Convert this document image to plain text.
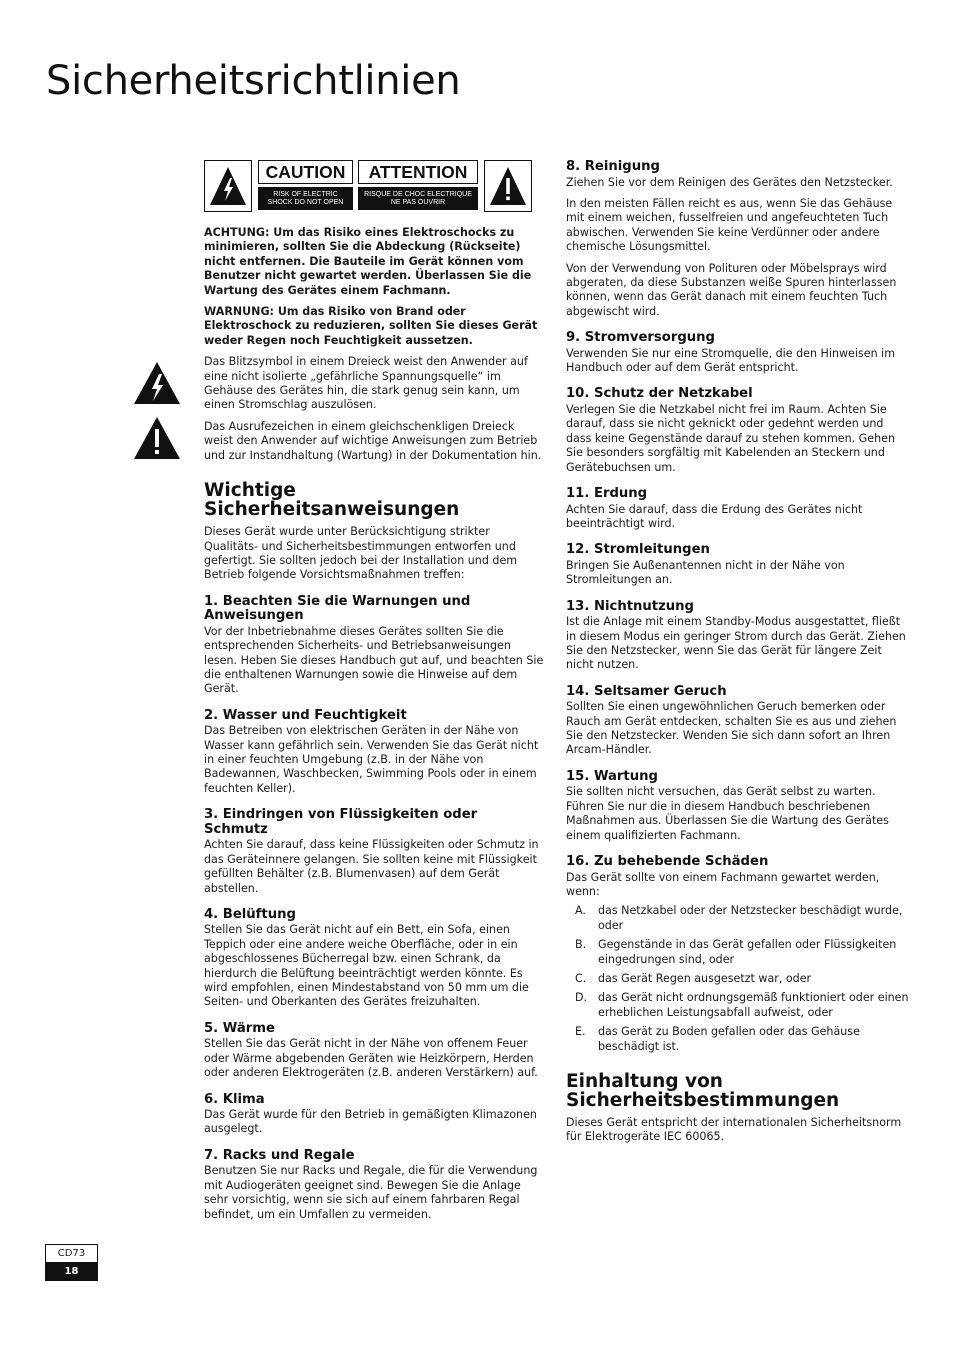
Sicherheitsrichtlinien
CAUTION
RISK OF ELECTRIC SHOCK DO NOT OPEN
ATTENTION
RISQUE DE CHOC ELECTRIQUE NE PAS OUVRIR

ACHTUNG: Um das Risiko eines Elektroschocks zu minimieren, sollten Sie die Abdeckung (Rückseite) nicht entfernen. Die Bauteile im Gerät können vom Benutzer nicht gewartet werden. Überlassen Sie die Wartung des Gerätes einem Fachmann.

WARNUNG: Um das Risiko von Brand oder Elektroschock zu reduzieren, sollten Sie dieses Gerät weder Regen noch Feuchtigkeit aussetzen.

Das Blitzsymbol in einem Dreieck weist den Anwender auf eine nicht isolierte „gefährliche Spannungsquelle“ im Gehäuse des Gerätes hin, die stark genug sein kann, um einen Stromschlag auszulösen.

Das Ausrufezeichen in einem gleichschenkligen Dreieck weist den Anwender auf wichtige Anweisungen zum Betrieb und zur Instandhaltung (Wartung) in der Dokumentation hin.

Wichtige Sicherheitsanweisungen

Dieses Gerät wurde unter Berücksichtigung strikter Qualitäts- und Sicherheitsbestimmungen entworfen und gefertigt. Sie sollten jedoch bei der Installation und dem Betrieb folgende Vorsichtsmaßnahmen treffen:

1. Beachten Sie die Warnungen und Anweisungen

Vor der Inbetriebnahme dieses Gerätes sollten Sie die entsprechenden Sicherheits- und Betriebsanweisungen lesen. Heben Sie dieses Handbuch gut auf, und beachten Sie die enthaltenen Warnungen sowie die Hinweise auf dem Gerät.

2. Wasser und Feuchtigkeit

Das Betreiben von elektrischen Geräten in der Nähe von Wasser kann gefährlich sein. Verwenden Sie das Gerät nicht in einer feuchten Umgebung (z.B. in der Nähe von Badewannen, Waschbecken, Swimming Pools oder in einem feuchten Keller).

3. Eindringen von Flüssigkeiten oder Schmutz

Achten Sie darauf, dass keine Flüssigkeiten oder Schmutz in das Geräteinnere gelangen. Sie sollten keine mit Flüssigkeit gefüllten Behälter (z.B. Blumenvasen) auf dem Gerät abstellen.

4. Belüftung

Stellen Sie das Gerät nicht auf ein Bett, ein Sofa, einen Teppich oder eine andere weiche Oberfläche, oder in ein abgeschlossenes Bücherregal bzw. einen Schrank, da hierdurch die Belüftung beeinträchtigt werden könnte. Es wird empfohlen, einen Mindestabstand von 50 mm um die Seiten- und Oberkanten des Gerätes freizuhalten.

5. Wärme

Stellen Sie das Gerät nicht in der Nähe von offenem Feuer oder Wärme abgebenden Geräten wie Heizkörpern, Herden oder anderen Elektrogeräten (z.B. anderen Verstärkern) auf.

6. Klima

Das Gerät wurde für den Betrieb in gemäßigten Klimazonen ausgelegt.

7. Racks und Regale

Benutzen Sie nur Racks und Regale, die für die Verwendung mit Audiogeräten geeignet sind. Bewegen Sie die Anlage sehr vorsichtig, wenn sie sich auf einem fahrbaren Regal befindet, um ein Umfallen zu vermeiden.

8. Reinigung

Ziehen Sie vor dem Reinigen des Gerätes den Netzstecker.

In den meisten Fällen reicht es aus, wenn Sie das Gehäuse mit einem weichen, fusselfreien und angefeuchteten Tuch abwischen. Verwenden Sie keine Verdünner oder andere chemische Lösungsmittel.

Von der Verwendung von Polituren oder Möbelsprays wird abgeraten, da diese Substanzen weiße Spuren hinterlassen können, wenn das Gerät danach mit einem feuchten Tuch abgewischt wird.

9. Stromversorgung

Verwenden Sie nur eine Stromquelle, die den Hinweisen im Handbuch oder auf dem Gerät entspricht.

10. Schutz der Netzkabel

Verlegen Sie die Netzkabel nicht frei im Raum. Achten Sie darauf, dass sie nicht geknickt oder gedehnt werden und dass keine Gegenstände darauf zu stehen kommen. Gehen Sie besonders sorgfältig mit Kabelenden an Steckern und Gerätebuchsen um.

11. Erdung

Achten Sie darauf, dass die Erdung des Gerätes nicht beeinträchtigt wird.

12. Stromleitungen

Bringen Sie Außenantennen nicht in der Nähe von Stromleitungen an.

13. Nichtnutzung

Ist die Anlage mit einem Standby-Modus ausgestattet, fließt in diesem Modus ein geringer Strom durch das Gerät. Ziehen Sie den Netzstecker, wenn Sie das Gerät für längere Zeit nicht nutzen.

14. Seltsamer Geruch

Sollten Sie einen ungewöhnlichen Geruch bemerken oder Rauch am Gerät entdecken, schalten Sie es aus und ziehen Sie den Netzstecker. Wenden Sie sich dann sofort an Ihren Arcam-Händler.

15. Wartung

Sie sollten nicht versuchen, das Gerät selbst zu warten. Führen Sie nur die in diesem Handbuch beschriebenen Maßnahmen aus. Überlassen Sie die Wartung des Gerätes einem qualifizierten Fachmann.

16. Zu behebende Schäden

Das Gerät sollte von einem Fachmann gewartet werden, wenn:

A.	das Netzkabel oder der Netzstecker beschädigt wurde, oder
B.	Gegenstände in das Gerät gefallen oder Flüssigkeiten eingedrungen sind, oder
C.	das Gerät Regen ausgesetzt war, oder
D. das Gerät nicht ordnungsgemäß funktioniert oder einen erheblichen Leistungsabfall aufweist, oder
E.	das Gerät zu Boden gefallen oder das Gehäuse beschädigt ist.
Einhaltung von Sicherheitsbestimmungen

Dieses Gerät entspricht der internationalen Sicherheitsnorm für Elektrogeräte IEC 60065.

CD73
18
